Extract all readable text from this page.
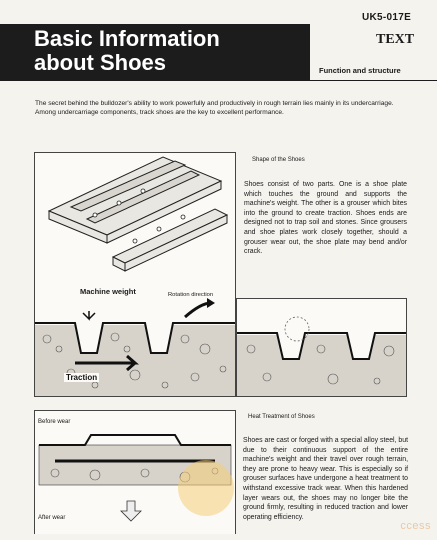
UK5-017E
Basic Information
about Shoes
TEXT
Function and structure
The secret behind the bulldozer's ability to work powerfully and productively in rough terrain lies mainly in its undercarriage. Among undercarriage components, track shoes are the key to excellent performance.
Machine weight	Rotation direction
Traction
Shape of the Shoes
Shoes consist of two parts. One is a shoe plate which touches the ground and supports the machine's weight. The other is a grouser which bites into the ground to create traction. Shoes ends are designed not to trap soil and stones. Since grousers and shoe plates work closely together, should a grouser wear out, the shoe plate may bend and/or crack.
Before wear
After wear
Heat Treatment of Shoes
Shoes are cast or forged with a special alloy steel, but due to their continuous support of the entire machine's weight and their travel over rough terrain, they are prone to heavy wear. This is especially so if grouser surfaces have undergone a heat treatment to withstand excessive track wear. When this hardened layer wears out, the shoes may no longer bite the ground firmly, resulting in reduced traction and lower operating efficiency.
ccess
